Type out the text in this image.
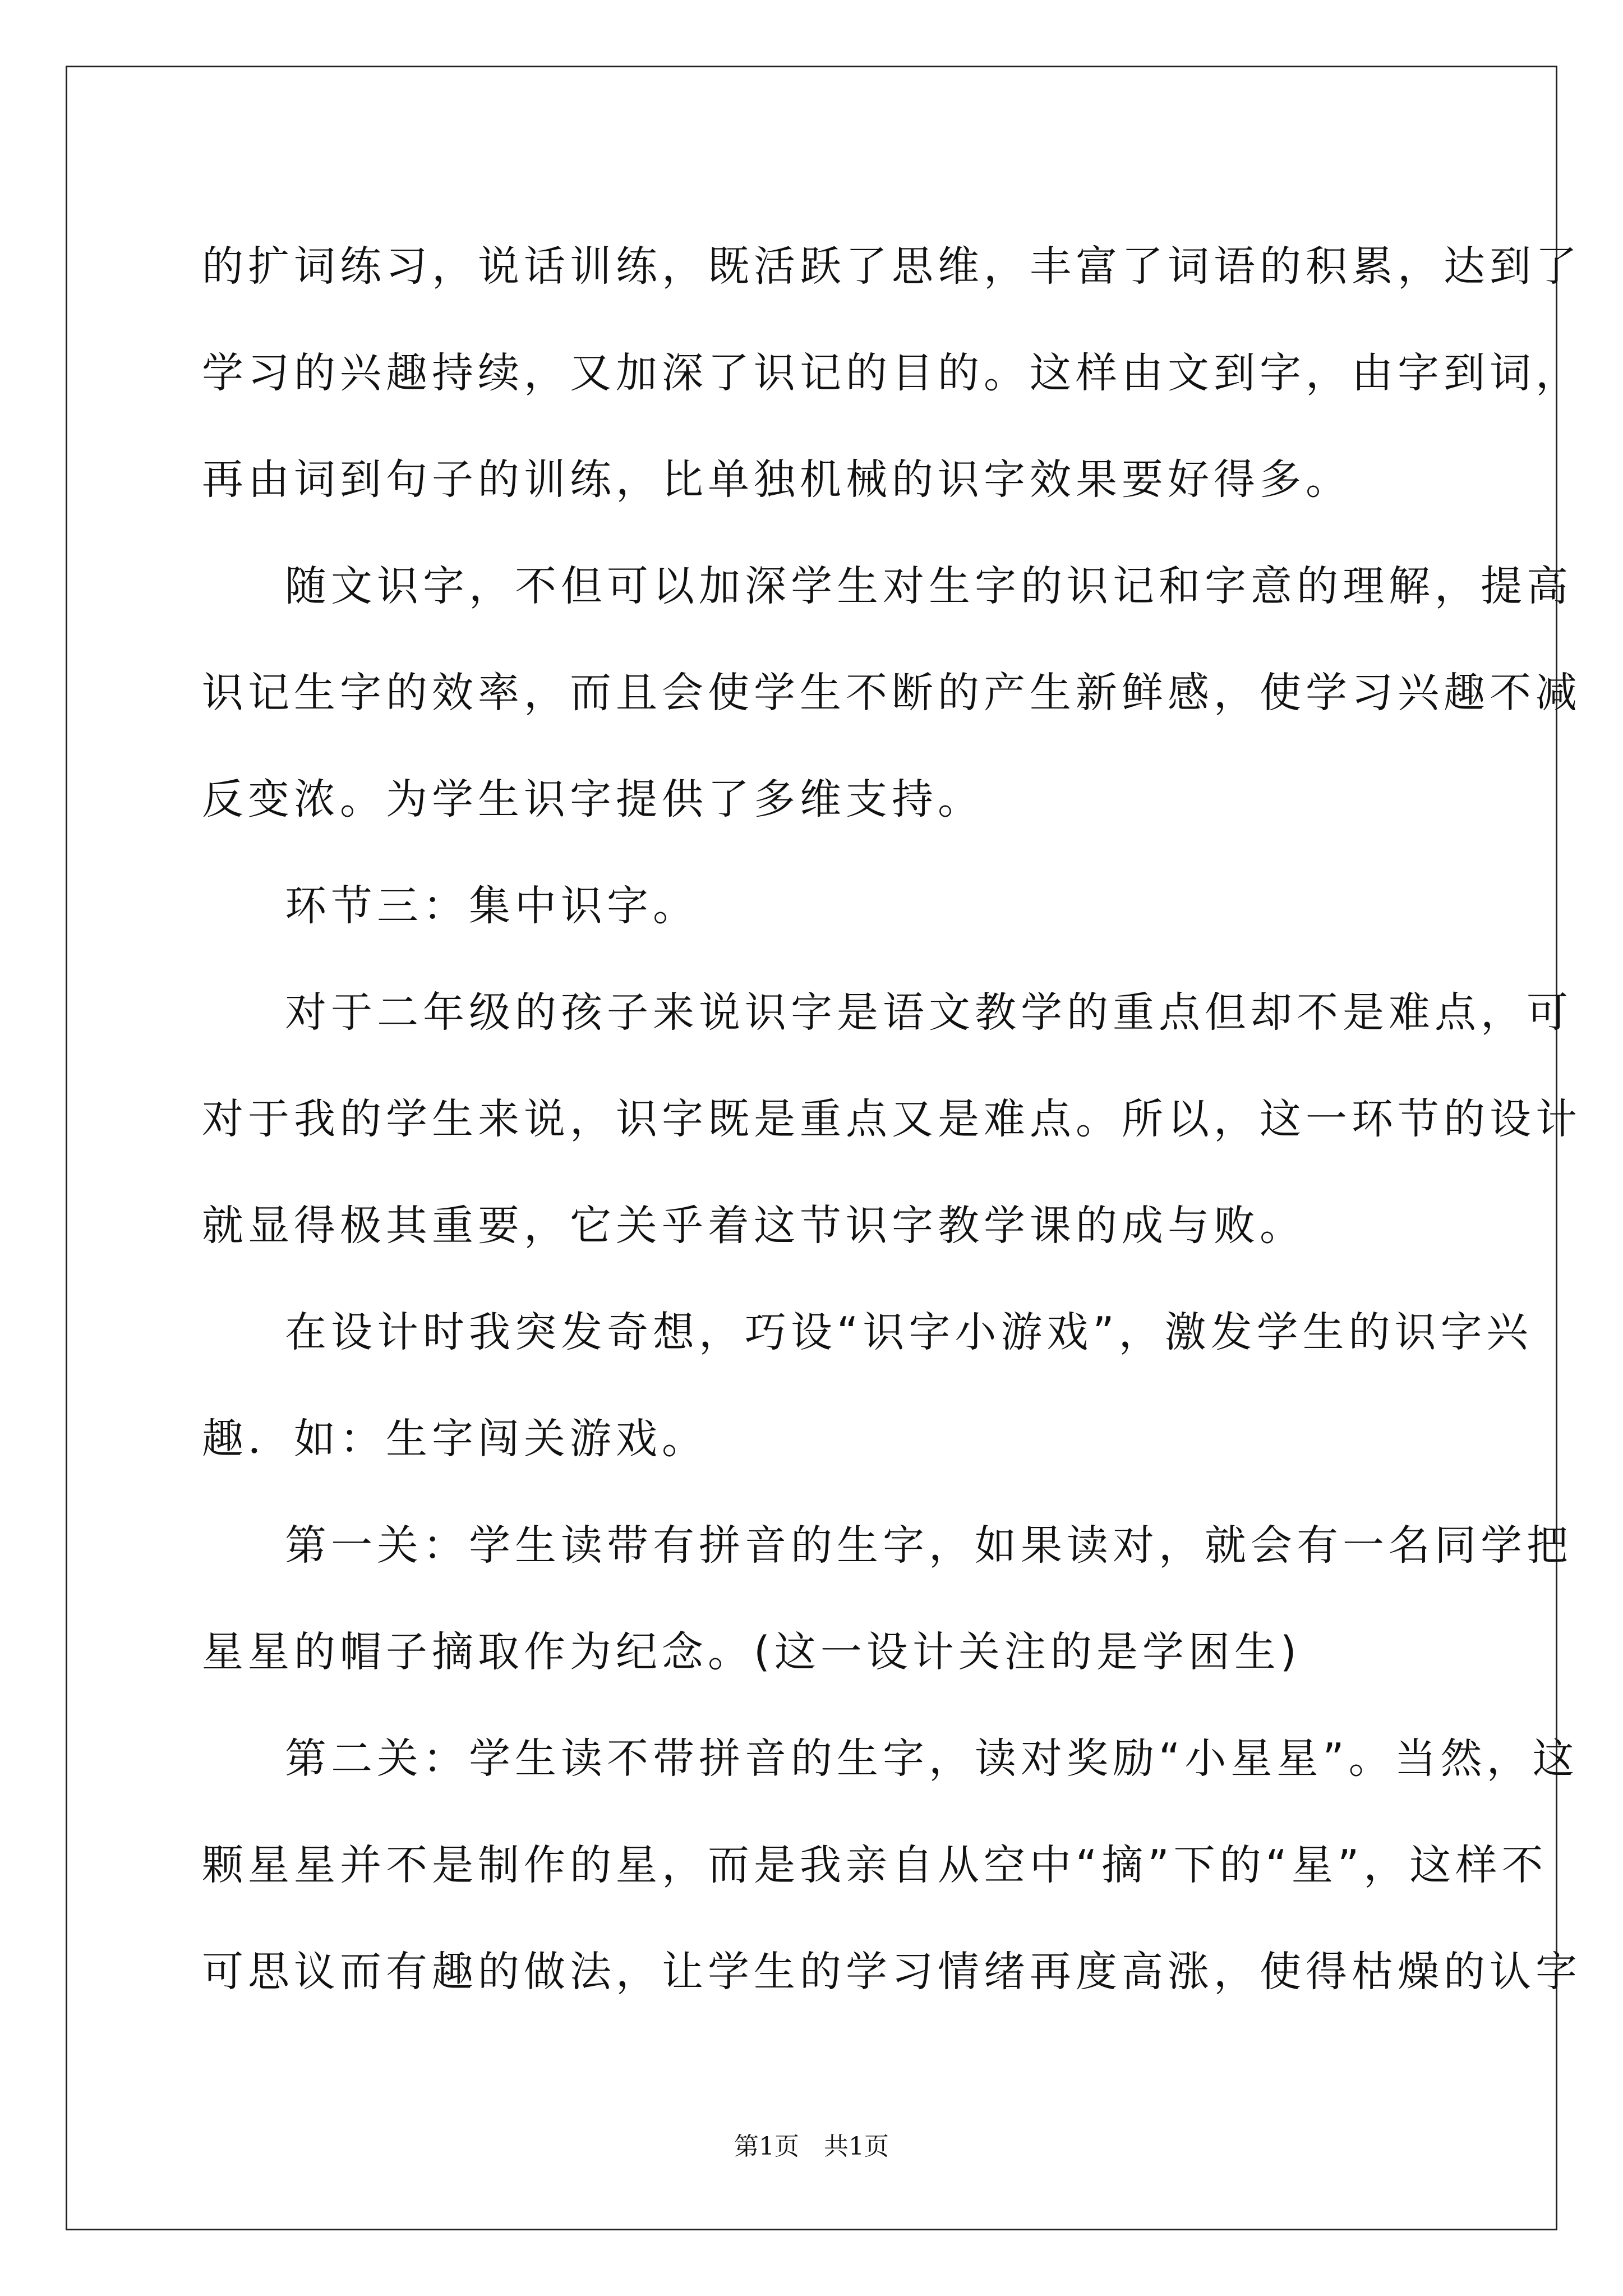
的扩词练习，说话训练，既活跃了思维，丰富了词语的积累，达到了
学习的兴趣持续，又加深了识记的目的。这样由文到字，由字到词，
再由词到句子的训练，比单独机械的识字效果要好得多。
随文识字，不但可以加深学生对生字的识记和字意的理解，提高
识记生字的效率，而且会使学生不断的产生新鲜感，使学习兴趣不减
反变浓。为学生识字提供了多维支持。
环节三：集中识字。
对于二年级的孩子来说识字是语文教学的重点但却不是难点，可
对于我的学生来说，识字既是重点又是难点。所以，这一环节的设计
就显得极其重要，它关乎着这节识字教学课的成与败。
在设计时我突发奇想，巧设“识字小游戏”，激发学生的识字兴
趣．如：生字闯关游戏。
第一关：学生读带有拼音的生字，如果读对，就会有一名同学把
星星的帽子摘取作为纪念。(这一设计关注的是学困生)
第二关：学生读不带拼音的生字，读对奖励“小星星”。当然，这
颗星星并不是制作的星，而是我亲自从空中“摘”下的“星”，这样不
可思议而有趣的做法，让学生的学习情绪再度高涨，使得枯燥的认字
第1页　共1页
